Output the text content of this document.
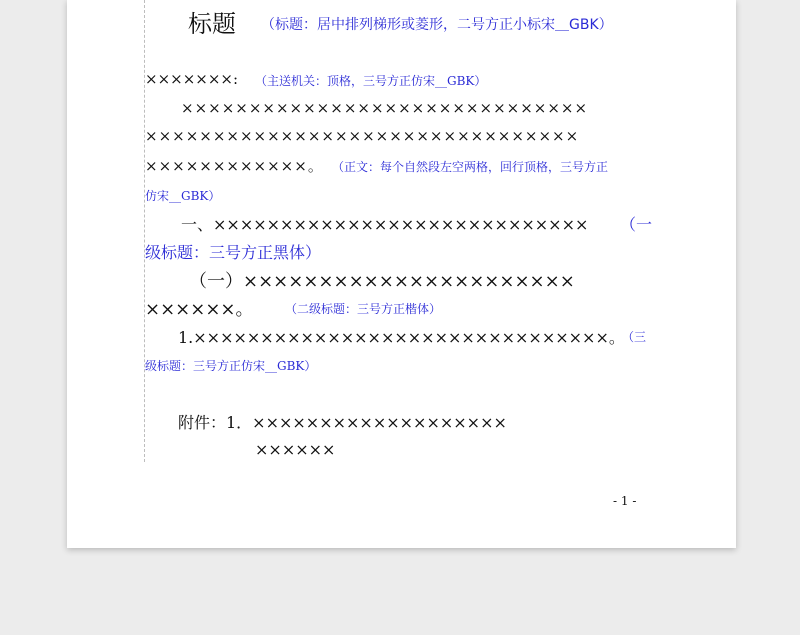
标题 （标题：居中排列梯形或菱形，二号方正小标宋＿GBK）
×××××××: （主送机关：顶格，三号方正仿宋__GBK）
××××××××××××××××××××××××××××××
××××××××××××××××××××××××××××××××
××××××××××××。 （正文：每个自然段左空两格，回行顶格，三号方正
仿宋__GBK）
一、×××××××××××××××××××××××××××× （一
级标题：三号方正黑体）
（一）××××××××××××××××××××××
××××××。	（二级标题：三号方正楷体）
1.×××××××××××××××××××××××××××××××。
（三
级标题：三号方正仿宋__GBK）
附件：1．×××××××××××××××××××
××××××
- 1 -
